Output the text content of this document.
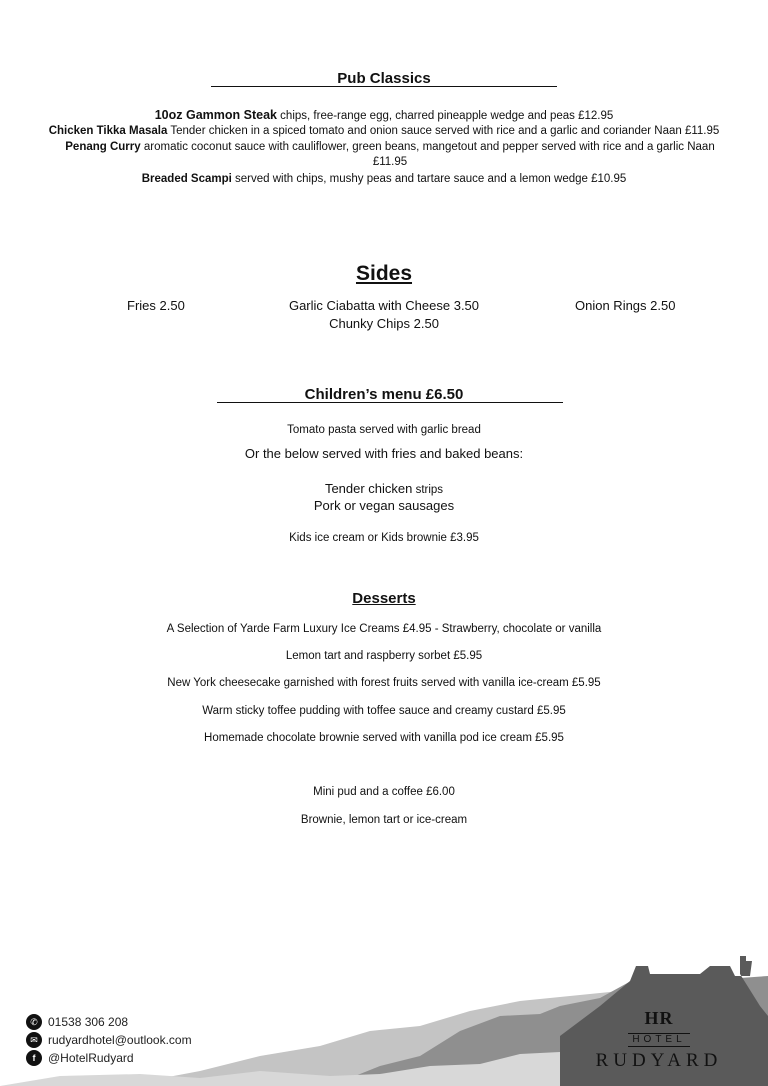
Pub Classics
10oz Gammon Steak chips, free-range egg, charred pineapple wedge and peas £12.95
Chicken Tikka Masala Tender chicken in a spiced tomato and onion sauce served with rice and a garlic and coriander Naan £11.95
Penang Curry aromatic coconut sauce with cauliflower, green beans, mangetout and pepper served with rice and a garlic Naan £11.95
Breaded Scampi served with chips, mushy peas and tartare sauce and a lemon wedge £10.95
Sides
Fries 2.50	Garlic Ciabatta with Cheese 3.50
Chunky Chips 2.50
Onion Rings 2.50
Children’s menu £6.50
Tomato pasta served with garlic bread
Or the below served with fries and baked beans:
Tender chicken strips
Pork or vegan sausages
Kids ice cream or Kids brownie £3.95
Desserts
A Selection of Yarde Farm Luxury Ice Creams £4.95 - Strawberry, chocolate or vanilla
Lemon tart and raspberry sorbet £5.95
New York cheesecake garnished with forest fruits served with vanilla ice-cream £5.95
Warm sticky toffee pudding with toffee sauce and creamy custard £5.95
Homemade chocolate brownie served with vanilla pod ice cream £5.95
Mini pud and a coffee £6.00
Brownie, lemon tart or ice-cream
✆ 01538 306 208
✉ rudyardhotel@outlook.com
f	@HotelRudyard
HR
HOTEL
RUDYARD
